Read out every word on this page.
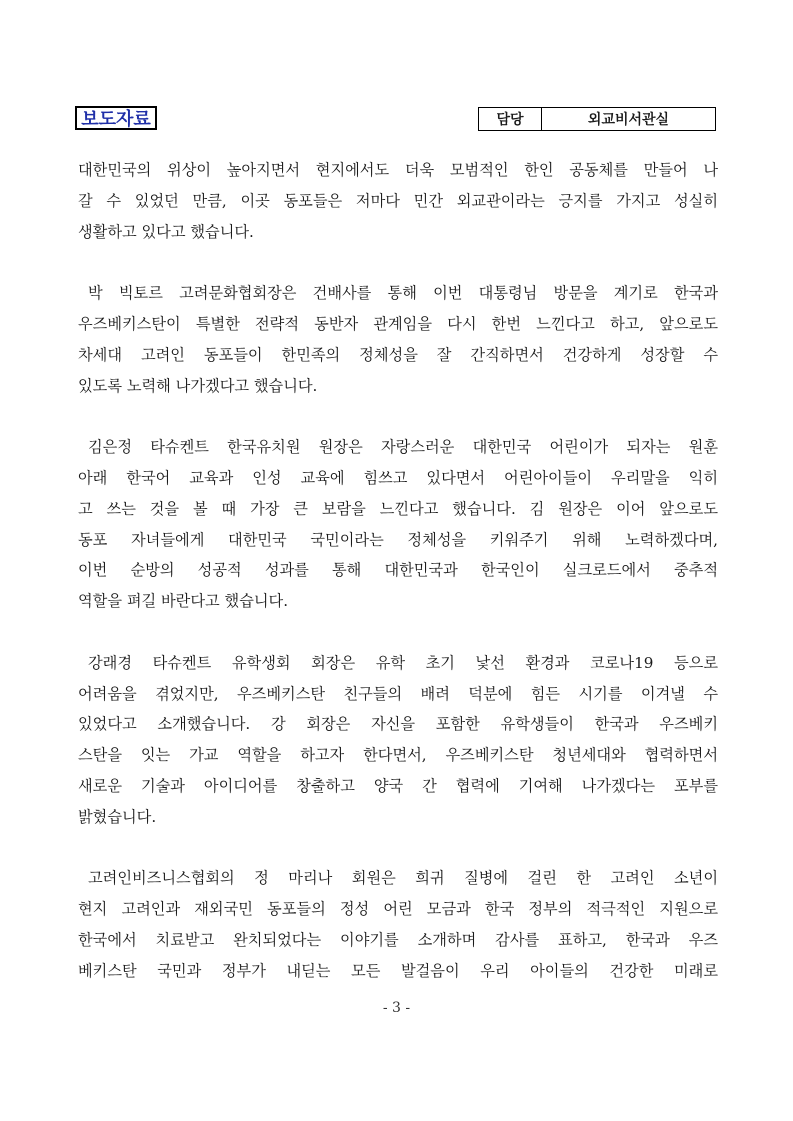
보도자료	담당	외교비서관실
대한민국의 위상이 높아지면서 현지에서도 더욱 모범적인 한인 공동체를 만들어 나
갈 수 있었던 만큼, 이곳 동포들은 저마다 민간 외교관이라는 긍지를 가지고 성실히
생활하고 있다고 했습니다.
박 빅토르 고려문화협회장은 건배사를 통해 이번 대통령님 방문을 계기로 한국과
우즈베키스탄이 특별한 전략적 동반자 관계임을 다시 한번 느낀다고 하고, 앞으로도
차세대 고려인 동포들이 한민족의 정체성을 잘 간직하면서 건강하게 성장할 수
있도록 노력해 나가겠다고 했습니다.
김은정 타슈켄트 한국유치원 원장은 자랑스러운 대한민국 어린이가 되자는 원훈
아래 한국어 교육과 인성 교육에 힘쓰고 있다면서 어린아이들이 우리말을 익히
고 쓰는 것을 볼 때 가장 큰 보람을 느낀다고 했습니다. 김 원장은 이어 앞으로도
동포 자녀들에게 대한민국 국민이라는 정체성을 키워주기 위해 노력하겠다며,
이번 순방의 성공적 성과를 통해 대한민국과 한국인이 실크로드에서 중추적
역할을 펴길 바란다고 했습니다.
강래경 타슈켄트 유학생회 회장은 유학 초기 낯선 환경과 코로나19 등으로
어려움을 겪었지만, 우즈베키스탄 친구들의 배려 덕분에 힘든 시기를 이겨낼 수
있었다고 소개했습니다. 강 회장은 자신을 포함한 유학생들이 한국과 우즈베키
스탄을 잇는 가교 역할을 하고자 한다면서, 우즈베키스탄 청년세대와 협력하면서
새로운 기술과 아이디어를 창출하고 양국 간 협력에 기여해 나가겠다는 포부를
밝혔습니다.
고려인비즈니스협회의 정 마리나 회원은 희귀 질병에 걸린 한 고려인 소년이
현지 고려인과 재외국민 동포들의 정성 어린 모금과 한국 정부의 적극적인 지원으로
한국에서 치료받고 완치되었다는 이야기를 소개하며 감사를 표하고, 한국과 우즈
베키스탄 국민과 정부가 내딛는 모든 발걸음이 우리 아이들의 건강한 미래로
- 3 -
